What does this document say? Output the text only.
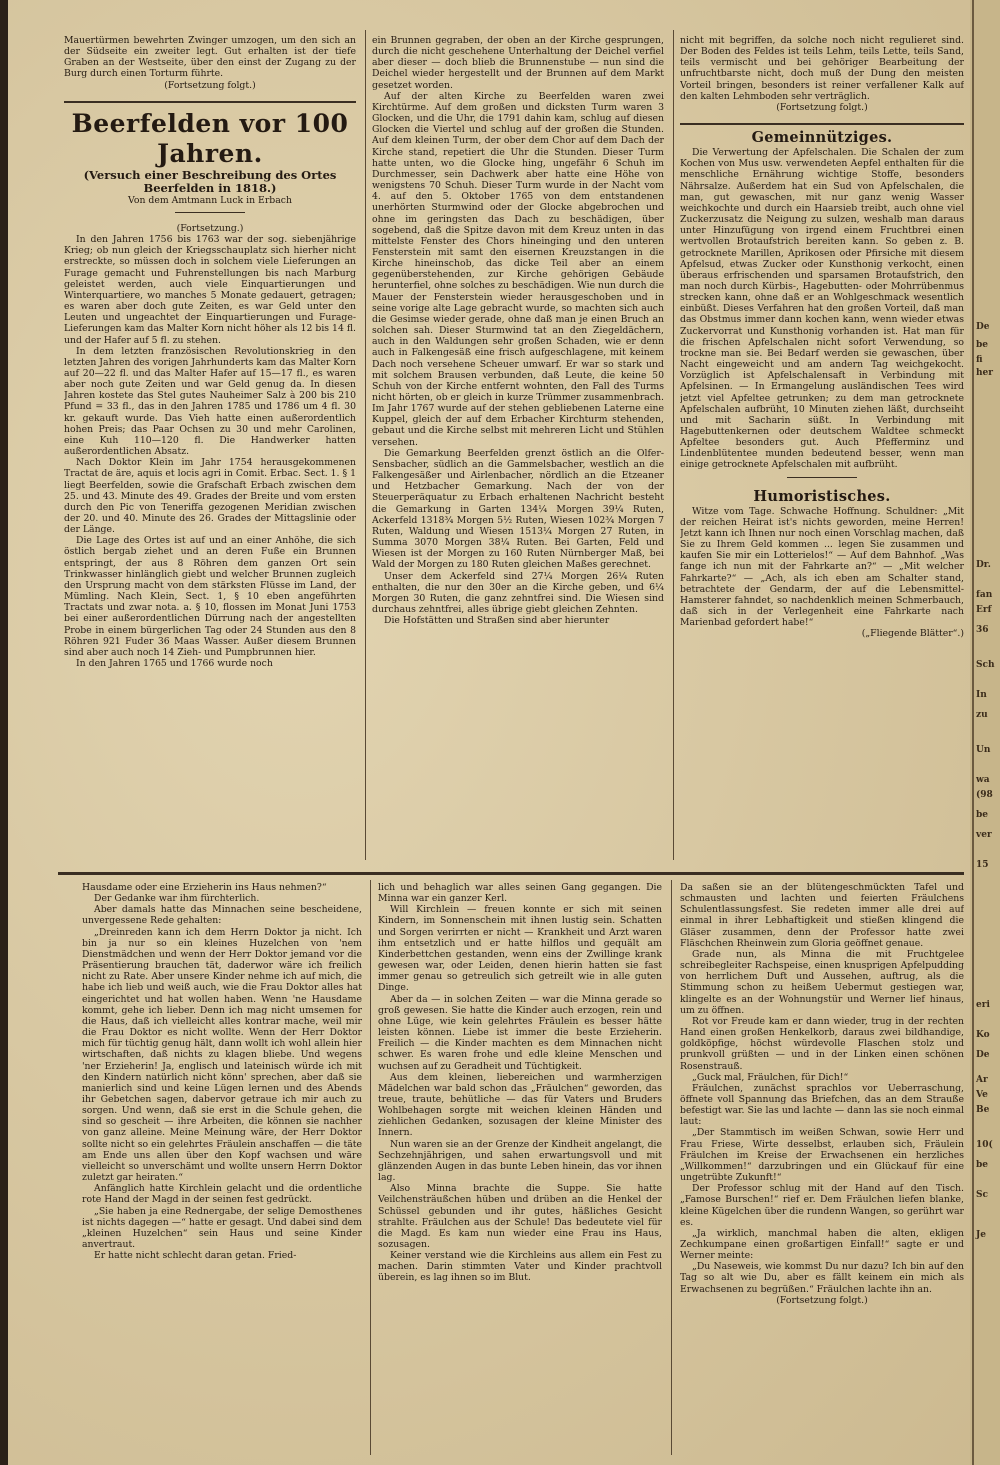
Mauertürmen bewehrten Zwinger umzogen, um den sich an der Südseite ein zweiter legt. Gut erhalten ist der tiefe Graben an der Westseite, über den einst der Zugang zu der Burg durch einen Torturm führte.

(Fortsetzung folgt.)

Beerfelden vor 100 Jahren.

(Versuch einer Beschreibung des Ortes Beerfelden in 1818.)

Von dem Amtmann Luck in Erbach

(Fortsetzung.)

In den Jahren 1756 bis 1763 war der sog. siebenjährige Krieg; ob nun gleich der Kriegsschauplatz sich hierher nicht erstreckte, so müssen doch in solchem viele Lieferungen an Furage gemacht und Fuhrenstellungen bis nach Marburg geleistet werden, auch viele Einquartierungen und Winterquartiere, wo manches 5 Monate gedauert, getragen; es waren aber doch gute Zeiten, es war Geld unter den Leuten und ungeachtet der Einquartierungen und Furage-Lieferungen kam das Malter Korn nicht höher als 12 bis 14 fl. und der Hafer auf 5 fl. zu stehen.

In dem letzten französischen Revolutionskrieg in den letzten Jahren des vorigen Jahrhunderts kam das Malter Korn auf 20—22 fl. und das Malter Hafer auf 15—17 fl., es waren aber noch gute Zeiten und war Geld genug da. In diesen Jahren kostete das Stel gutes Nauheimer Salz à 200 bis 210 Pfund = 33 fl., das in den Jahren 1785 und 1786 um 4 fl. 30 kr. gekauft wurde. Das Vieh hatte einen außerordentlich hohen Preis; das Paar Ochsen zu 30 und mehr Carolinen, eine Kuh 110—120 fl. Die Handwerker hatten außerordentlichen Absatz.

Nach Doktor Klein im Jahr 1754 herausgekommenen Tractat de äre, aquis et locis agri in Comit. Erbac. Sect. 1. § 1 liegt Beerfelden, sowie die Grafschaft Erbach zwischen dem 25. und 43. Minute des 49. Grades der Breite und vom ersten durch den Pic von Teneriffa gezogenen Meridian zwischen der 20. und 40. Minute des 26. Grades der Mittagslinie oder der Länge.

Die Lage des Ortes ist auf und an einer Anhöhe, die sich östlich bergab ziehet und an deren Fuße ein Brunnen entspringt, der aus 8 Röhren dem ganzen Ort sein Trinkwasser hinlänglich giebt und welcher Brunnen zugleich den Ursprung macht von dem stärksten Flüsse im Land, der Mümling. Nach Klein, Sect. 1, § 10 eben angeführten Tractats und zwar nota. a. § 10, flossen im Monat Juni 1753 bei einer außerordentlichen Dürrung nach der angestellten Probe in einem bürgerlichen Tag oder 24 Stunden aus den 8 Röhren 921 Fuder 36 Maas Wasser. Außer diesem Brunnen sind aber auch noch 14 Zieh- und Pumpbrunnen hier.

In den Jahren 1765 und 1766 wurde noch

ein Brunnen gegraben, der oben an der Kirche gesprungen, durch die nicht geschehene Unterhaltung der Deichel verfiel aber dieser — doch blieb die Brunnenstube — nun sind die Deichel wieder hergestellt und der Brunnen auf dem Markt gesetzet worden.

Auf der alten Kirche zu Beerfelden waren zwei Kirchtürme. Auf dem großen und dicksten Turm waren 3 Glocken, und die Uhr, die 1791 dahin kam, schlug auf diesen Glocken die Viertel und schlug auf der großen die Stunden. Auf dem kleinen Turm, der ober dem Chor auf dem Dach der Kirche stand, repetiert die Uhr die Stunden. Dieser Turm hatte unten, wo die Glocke hing, ungefähr 6 Schuh im Durchmesser, sein Dachwerk aber hatte eine Höhe von wenigstens 70 Schuh. Dieser Turm wurde in der Nacht vom 4. auf den 5. Oktober 1765 von dem entstandenen unerhörten Sturmwind oder der Glocke abgebrochen und ohne im geringsten das Dach zu beschädigen, über sogebend, daß die Spitze davon mit dem Kreuz unten in das mittelste Fenster des Chors hineinging und den unteren Fensterstein mit samt den eisernen Kreuzstangen in die Kirche hineinschob, das dicke Teil aber an einem gegenüberstehenden, zur Kirche gehörigen Gebäude herunterfiel, ohne solches zu beschädigen. Wie nun durch die Mauer der Fensterstein wieder herausgeschoben und in seine vorige alte Lage gebracht wurde, so machten sich auch die Gesimse wieder gerade, ohne daß man je einen Bruch an solchen sah. Dieser Sturmwind tat an den Ziegeldächern, auch in den Waldungen sehr großen Schaden, wie er denn auch in Falkengesäß eine frisch aufgeschlagene, mit keinem Dach noch versehene Scheuer umwarf. Er war so stark und mit solchem Brausen verbunden, daß Leute, die keine 50 Schuh von der Kirche entfernt wohnten, den Fall des Turms nicht hörten, ob er gleich in kurze Trümmer zusammenbrach. Im Jahr 1767 wurde auf der stehen gebliebenen Laterne eine Kuppel, gleich der auf dem Erbacher Kirchturm stehenden, gebaut und die Kirche selbst mit mehreren Licht und Stühlen versehen.

Die Gemarkung Beerfelden grenzt östlich an die Olfer-Sensbacher, südlich an die Gammelsbacher, westlich an die Falkengesäßer und Airlenbacher, nördlich an die Etzeaner und Hetzbacher Gemarkung. Nach der von der Steuerperäquatur zu Erbach erhaltenen Nachricht besteht die Gemarkung in Garten 134¼ Morgen 39¼ Ruten, Ackerfeld 1318¾ Morgen 5½ Ruten, Wiesen 102¾ Morgen 7 Ruten, Waldung und Wiesen 1513¼ Morgen 27 Ruten, in Summa 3070 Morgen 38¼ Ruten. Bei Garten, Feld und Wiesen ist der Morgen zu 160 Ruten Nürnberger Maß, bei Wald der Morgen zu 180 Ruten gleichen Maßes gerechnet.

Unser dem Ackerfeld sind 27¼ Morgen 26¼ Ruten enthalten, die nur den 30er an die Kirche geben, und 6¼ Morgen 30 Ruten, die ganz zehntfrei sind. Die Wiesen sind durchaus zehntfrei, alles übrige giebt gleichen Zehnten.

Die Hofstätten und Straßen sind aber hierunter

nicht mit begriffen, da solche noch nicht regulieret sind. Der Boden des Feldes ist teils Lehm, teils Lette, teils Sand, teils vermischt und bei gehöriger Bearbeitung der unfruchtbarste nicht, doch muß der Dung den meisten Vorteil bringen, besonders ist reiner verfallener Kalk auf den kalten Lehmboden sehr verträglich.

(Fortsetzung folgt.)

Gemeinnütziges.

Die Verwertung der Apfelschalen. Die Schalen der zum Kochen von Mus usw. verwendeten Aepfel enthalten für die menschliche Ernährung wichtige Stoffe, besonders Nährsalze. Außerdem hat ein Sud von Apfelschalen, die man, gut gewaschen, mit nur ganz wenig Wasser weichkochte und durch ein Haarsieb treibt, auch ohne viel Zuckerzusatz die Neigung zu sulzen, weshalb man daraus unter Hinzufügung von irgend einem Fruchtbrei einen wertvollen Brotaufstrich bereiten kann. So geben z. B. getrocknete Marillen, Aprikosen oder Pfirsiche mit diesem Apfelsud, etwas Zucker oder Kunsthonig verkocht, einen überaus erfrischenden und sparsamen Brotaufstrich, den man noch durch Kürbis-, Hagebutten- oder Mohrrübenmus strecken kann, ohne daß er an Wohlgeschmack wesentlich einbüßt. Dieses Verfahren hat den großen Vorteil, daß man das Obstmus immer dann kochen kann, wenn wieder etwas Zuckervorrat und Kunsthonig vorhanden ist. Hat man für die frischen Apfelschalen nicht sofort Verwendung, so trockne man sie. Bei Bedarf werden sie gewaschen, über Nacht eingeweicht und am andern Tag weichgekocht. Vorzüglich ist Apfelschalensaft in Verbindung mit Apfelsinen. — In Ermangelung ausländischen Tees wird jetzt viel Apfeltee getrunken; zu dem man getrocknete Apfelschalen aufbrüht, 10 Minuten ziehen läßt, durchseiht und mit Sacharin süßt. In Verbindung mit Hagebuttenkernen oder deutschem Waldtee schmeckt Apfeltee besonders gut. Auch Pfefferminz und Lindenblütentee munden bedeutend besser, wenn man einige getrocknete Apfelschalen mit aufbrüht.

Humoristisches.

Witze vom Tage. Schwache Hoffnung. Schuldner: „Mit der reichen Heirat ist's nichts geworden, meine Herren! Jetzt kann ich Ihnen nur noch einen Vorschlag machen, daß Sie zu Ihrem Geld kommen ... legen Sie zusammen und kaufen Sie mir ein Lotterielos!“ — Auf dem Bahnhof. „Was fange ich nun mit der Fahrkarte an?“ — „Mit welcher Fahrkarte?“ — „Ach, als ich eben am Schalter stand, betrachtete der Gendarm, der auf die Lebensmittel-Hamsterer fahndet, so nachdenklich meinen Schmerbauch, daß sich in der Verlegenheit eine Fahrkarte nach Marienbad gefordert habe!“

(„Fliegende Blätter“.)

Hausdame oder eine Erzieherin ins Haus nehmen?“

Der Gedanke war ihm fürchterlich.

Aber damals hatte das Minnachen seine bescheidene, unvergessene Rede gehalten:

„Dreinreden kann ich dem Herrn Doktor ja nicht. Ich bin ja nur so ein kleines Huzelchen von 'nem Dienstmädchen und wenn der Herr Doktor jemand vor die Präsentierung brauchen tät, daderwor wäre ich freilich nicht zu Rate. Aber unsere Kinder nehme ich auf mich, die habe ich lieb und weiß auch, wie die Frau Doktor alles hat eingerichtet und hat wollen haben. Wenn 'ne Hausdame kommt, gehe ich lieber. Denn ich mag nicht umsemen for die Haus, daß ich vielleicht alles kontrar mache, weil mir die Frau Doktor es nicht wollte. Wenn der Herr Doktor mich für tüchtig genug hält, dann wollt ich wohl allein hier wirtschaften, daß nichts zu klagen bliebe. Und wegens 'ner Erzieherin! Ja, englisch und lateinisch würde ich mit den Kindern natürlich nicht könn' sprechen, aber daß sie manierlich sind und keine Lügen lernen und des Abends ihr Gebetchen sagen, dabervor getraue ich mir auch zu sorgen. Und wenn, daß sie erst in die Schule gehen, die sind so gescheit — ihre Arbeiten, die können sie nachher von ganz alleine. Meine Meinung wäre, der Herr Doktor sollte nicht so ein gelehrtes Fräulein anschaffen — die täte am Ende uns allen über den Kopf wachsen und wäre vielleicht so unverschämt und wollte unsern Herrn Doktor zuletzt gar heiraten.“

Anfänglich hatte Kirchlein gelacht und die ordentliche rote Hand der Magd in der seinen fest gedrückt.

„Sie haben ja eine Rednergabe, der selige Demosthenes ist nichts dagegen —“ hatte er gesagt. Und dabei sind dem „kleinen Huzelchen“ sein Haus und seine Kinder anvertraut.

Er hatte nicht schlecht daran getan. Fried-

lich und behaglich war alles seinen Gang gegangen. Die Minna war ein ganzer Kerl.

Will Kirchlein — freuen konnte er sich mit seinen Kindern, im Sonnenschein mit ihnen lustig sein. Schatten und Sorgen verirrten er nicht — Krankheit und Arzt waren ihm entsetzlich und er hatte hilflos und gequält am Kinderbettchen gestanden, wenn eins der Zwillinge krank gewesen war, oder Leiden, denen hierin hatten sie fast immer genau so getreulich sich getreilt wie in alle guten Dinge.

Aber da — in solchen Zeiten — war die Minna gerade so groß gewesen. Sie hatte die Kinder auch erzogen, rein und ohne Lüge, wie kein gelehrtes Fräulein es besser hätte leisten können. Liebe ist immer die beste Erzieherin. Freilich — die Kinder machten es dem Minnachen nicht schwer. Es waren frohe und edle kleine Menschen und wuchsen auf zu Geradheit und Tüchtigkeit.

Aus dem kleinen, liebereichen und warmherzigen Mädelchen war bald schon das „Fräulchen“ geworden, das treue, traute, behütliche — das für Vaters und Bruders Wohlbehagen sorgte mit weichen kleinen Händen und ziehlichen Gedanken, sozusagen der kleine Minister des Innern.

Nun waren sie an der Grenze der Kindheit angelangt, die Sechzehnjährigen, und sahen erwartungsvoll und mit glänzenden Augen in das bunte Leben hinein, das vor ihnen lag.

Also Minna brachte die Suppe. Sie hatte Veilchensträußchen hüben und drüben an die Henkel der Schüssel gebunden und ihr gutes, häßliches Gesicht strahlte. Fräulchen aus der Schule! Das bedeutete viel für die Magd. Es kam nun wieder eine Frau ins Haus, sozusagen.

Keiner verstand wie die Kirchleins aus allem ein Fest zu machen. Darin stimmten Vater und Kinder prachtvoll überein, es lag ihnen so im Blut.

Da saßen sie an der blütengeschmückten Tafel und schmausten und lachten und feierten Fräulchens Schulentlassungsfest. Sie redeten immer alle drei auf einmal in ihrer Lebhaftigkeit und stießen klingend die Gläser zusammen, denn der Professor hatte zwei Fläschchen Rheinwein zum Gloria geöffnet genaue.

Grade nun, als Minna die mit Fruchtgelee schreibegleiter Rachspeise, einen knusprigen Apfelpudding von herrlichem Duft und Aussehen, auftrug, als die Stimmung schon zu heißem Uebermut gestiegen war, klingelte es an der Wohnungstür und Werner lief hinaus, um zu öffnen.

Rot vor Freude kam er dann wieder, trug in der rechten Hand einen großen Henkelkorb, daraus zwei bildhandige, goldköpfige, höchst würdevolle Flaschen stolz und prunkvoll grüßten — und in der Linken einen schönen Rosenstrauß.

„Guck mal, Fräulchen, für Dich!“

Fräulchen, zunächst sprachlos vor Ueberraschung, öffnete voll Spannung das Briefchen, das an dem Strauße befestigt war. Sie las und lachte — dann las sie noch einmal laut:

„Der Stammtisch im weißen Schwan, sowie Herr und Frau Friese, Wirte desselbst, erlauben sich, Fräulein Fräulchen im Kreise der Erwachsenen ein herzliches „Willkommen!“ darzubringen und ein Glückauf für eine ungetrübte Zukunft!“

Der Professor schlug mit der Hand auf den Tisch. „Famose Burschen!“ rief er. Dem Fräulchen liefen blanke, kleine Kügelchen über die rundenn Wangen, so gerührt war es.

„Ja wirklich, manchmal haben die alten, ekligen Zechkumpane einen großartigen Einfall!“ sagte er und Werner meinte:

„Du Naseweis, wie kommst Du nur dazu? Ich bin auf den Tag so alt wie Du, aber es fällt keinem ein mich als Erwachsenen zu begrüßen.“ Fräulchen lachte ihn an.

(Fortsetzung folgt.)

De
be
fi
her
Dr.
fan
Erf
36
Sch
In
zu
Un
wa
(98
be
ver
15
eri
Ko
De
Ar
Ve
Be
10(
be
Sc
Je
